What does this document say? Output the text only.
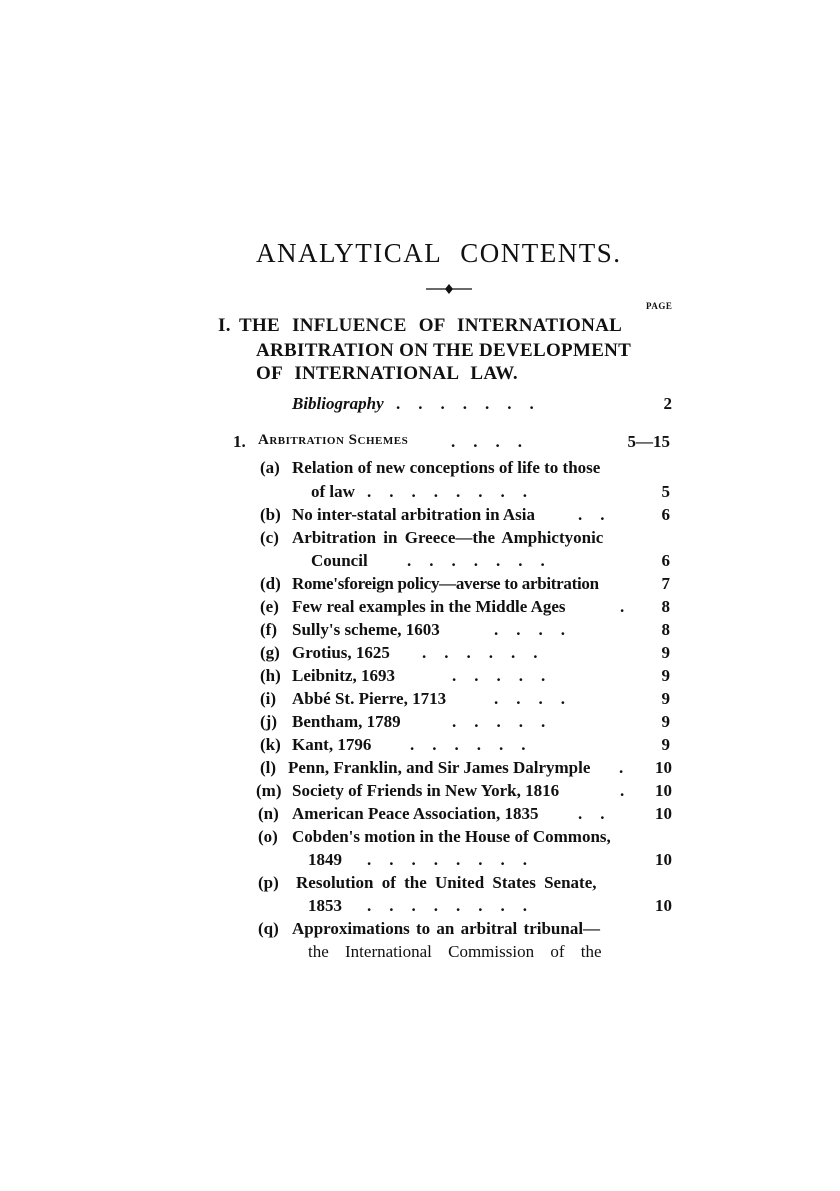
ANALYTICAL CONTENTS.
PAGE
I. THE INFLUENCE OF INTERNATIONAL
ARBITRATION ON THE DEVELOPMENT
OF INTERNATIONAL LAW.
Bibliography .......	2
1. Arbitration Schemes	....	5—15
(a) Relation of new conceptions of life to those
of law ........	5
(b) No inter-statal arbitration in Asia	.. 6
(c) Arbitration in Greece—the Amphictyonic
Council .......	6
(d) Rome'sforeign policy—averse to arbitration	7
(e) Few real examples in the Middle Ages	. 8
(f) Sully's scheme, 1603	....	8
(g) Grotius, 1625 ......	9
(h) Leibnitz, 1693	.....	9
(i) Abbé St. Pierre, 1713	....	9
(j) Bentham, 1789	.....	9
(k) Kant, 1796 ......	9
(l) Penn, Franklin, and Sir James Dalrymple . 10
(m) Society of Friends in New York, 1816	. 10
(n) American Peace Association, 1835 .. 10
(o) Cobden's motion in the House of Commons,
1849 ........	10
(p) Resolution of the United States Senate,
1853 ........	10
(q) Approximations to an arbitral tribunal—
the International Commission of the
